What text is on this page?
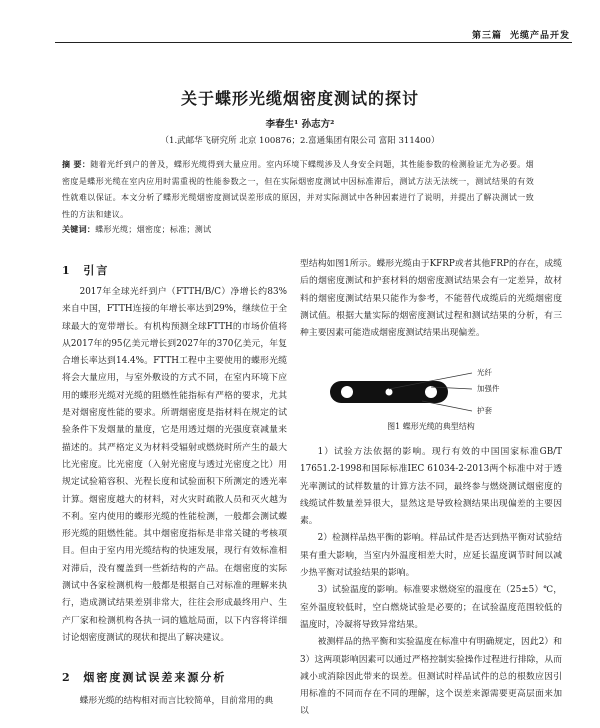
第三篇 光缆产品开发
关于蝶形光缆烟密度测试的探讨
李春生¹ 孙志方²
（1.武邮华飞研究所 北京 100876；2.富通集团有限公司 富阳 311400）
摘 要：随着光纤到户的普及，蝶形光缆得到大量应用。室内环境下蝶缆涉及人身安全问题，其性能参数的检测验证尤为必要。烟密度是蝶形光缆在室内应用时需重视的性能参数之一，但在实际烟密度测试中因标准滞后，测试方法无法统一，测试结果的有效性就难以保证。本文分析了蝶形光缆烟密度测试误差形成的原因，并对实际测试中各种因素进行了说明，并提出了解决测试一致性的方法和建议。
关键词：蝶形光缆；烟密度；标准；测试
1 引言

2017年全球光纤到户（FTTH/B/C）净增长约83%来自中国，FTTH连接的年增长率达到29%，继续位于全球最大的宽带增长。有机构预测全球FTTH的市场价值将从2017年的95亿美元增长到2027年的370亿美元，年复合增长率达到14.4%。FTTH工程中主要使用的蝶形光缆将会大量应用，与室外敷设的方式不同，在室内环境下应用的蝶形光缆对光缆的阻燃性能指标有严格的要求，尤其是对烟密度性能的要求。所谓烟密度是指材料在规定的试验条件下发烟量的量度，它是用透过烟的光强度衰减量来描述的。其严格定义为材料受辐射或燃烧时所产生的最大比光密度。比光密度（入射光密度与透过光密度之比）用规定试验箱容积、光程长度和试验面积下所测定的透光率计算。烟密度越大的材料，对火灾时疏散人员和灭火越为不利。室内使用的蝶形光缆的性能检测，一般都会测试蝶形光缆的阻燃性能。其中烟密度指标是非常关键的考核项目。但由于室内用光缆结构的快速发展，现行有效标准相对滞后，没有覆盖到一些新结构的产品。在烟密度的实际测试中各家检测机构一般都是根据自己对标准的理解来执行，造成测试结果差别非常大，往往会形成最终用户、生产厂家和检测机构各执一词的尴尬局面，以下内容将详细讨论烟密度测试的现状和提出了解决建议。

2 烟密度测试误差来源分析

蝶形光缆的结构相对而言比较简单，目前常用的典

型结构如图1所示。蝶形光缆由于KFRP或者其他FRP的存在，成缆后的烟密度测试和护套材料的烟密度测试结果会有一定差异，故材料的烟密度测试结果只能作为参考，不能替代成缆后的光缆烟密度测试值。根据大量实际的烟密度测试过程和测试结果的分析，有三种主要因素可能造成烟密度测试结果出现偏差。

光纤
加强件
护套
图1 蝶形光缆的典型结构

1）试验方法依据的影响。现行有效的中国国家标准GB/T 17651.2-1998和国际标准IEC 61034-2-2013两个标准中对于透光率测试的试样数量的计算方法不同，最终参与燃烧测试烟密度的线缆试件数量差异很大，显然这是导致检测结果出现偏差的主要因素。

2）检测样品热平衡的影响。样品试件是否达到热平衡对试验结果有重大影响，当室内外温度相差大时，应延长温度调节时间以减少热平衡对试验结果的影响。

3）试验温度的影响。标准要求燃烧室的温度在（25±5）℃，室外温度较低时，空白燃烧试验是必要的；在试验温度范围较低的温度时，冷凝将导致异常结果。

被测样品的热平衡和实验温度在标准中有明确规定，因此2）和3）这两项影响因素可以通过严格控制实验操作过程进行排除，从而减小或消除因此带来的误差。但测试时样品试件的总的根数应因引用标准的不同而存在不同的理解，这个误差来源需要更高层面来加以
